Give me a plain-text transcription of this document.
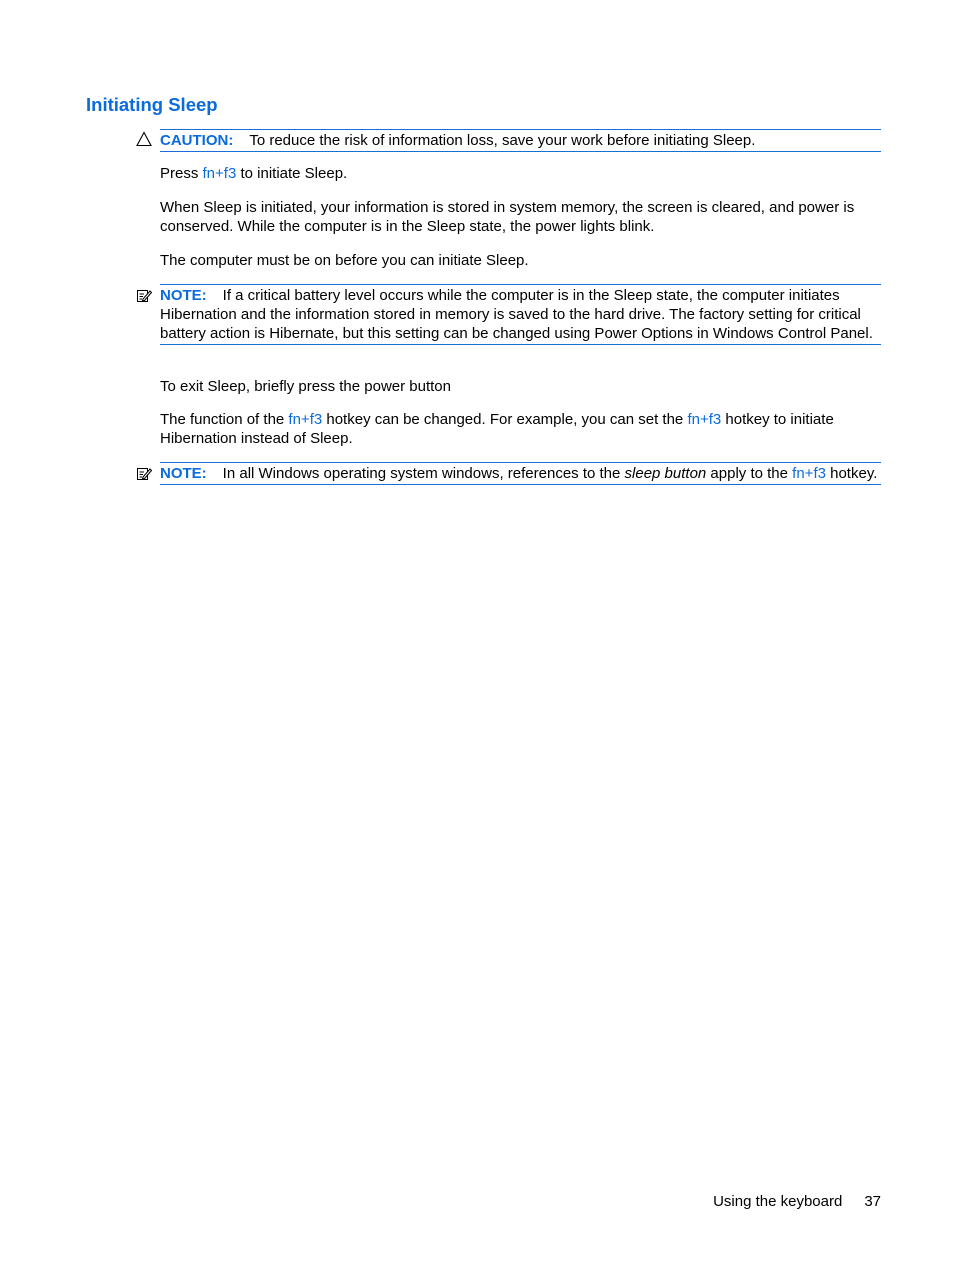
Initiating Sleep
CAUTION: To reduce the risk of information loss, save your work before initiating Sleep.
Press fn+f3 to initiate Sleep.
When Sleep is initiated, your information is stored in system memory, the screen is cleared, and power is conserved. While the computer is in the Sleep state, the power lights blink.
The computer must be on before you can initiate Sleep.
NOTE: If a critical battery level occurs while the computer is in the Sleep state, the computer initiates Hibernation and the information stored in memory is saved to the hard drive. The factory setting for critical battery action is Hibernate, but this setting can be changed using Power Options in Windows Control Panel.
To exit Sleep, briefly press the power button
The function of the fn+f3 hotkey can be changed. For example, you can set the fn+f3 hotkey to initiate Hibernation instead of Sleep.
NOTE: In all Windows operating system windows, references to the sleep button apply to the fn+f3 hotkey.
Using the keyboard 37
